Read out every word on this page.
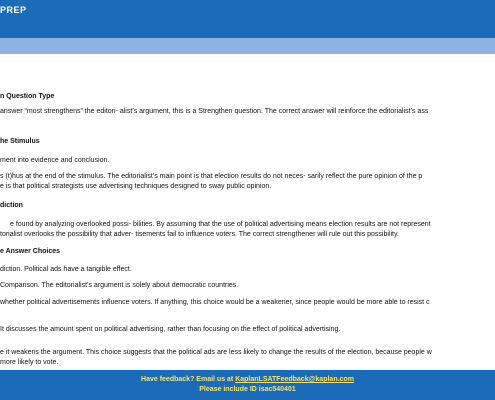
PREP
n Question Type
answer “most strengthens” the editori- alist’s argument, this is a Strengthen question. The correct answer will reinforce the editorialist’s ass
he Stimulus
ment into evidence and conclusion.
s (t)hus at the end of the stimulus. The editorialist’s main point is that election results do not neces- sarily reflect the pure opinion of the p
e is that political strategists use advertising techniques designed to sway public opinion.
diction
e found by analyzing overlooked possi- bilities. By assuming that the use of political advertising means election results are not represent
torialist overlooks the possibility that adver- tisements fail to influence voters. The correct strengthener will rule out this possibility.
e Answer Choices
diction. Political ads have a tangible effect.
Comparison. The editorialist’s argument is solely about democratic countries.
whether political advertisements influence voters. If anything, this choice would be a weakener, since people would be more able to resist c
It discusses the amount spent on political advertising, rather than focusing on the effect of political advertising.
e it weakens the argument. This choice suggests that the political ads are less likely to change the results of the election, because people w
more likely to vote.
Have feedback? Email us at KaplanLSATFeedback@kaplan.com
Please include ID isac540401
